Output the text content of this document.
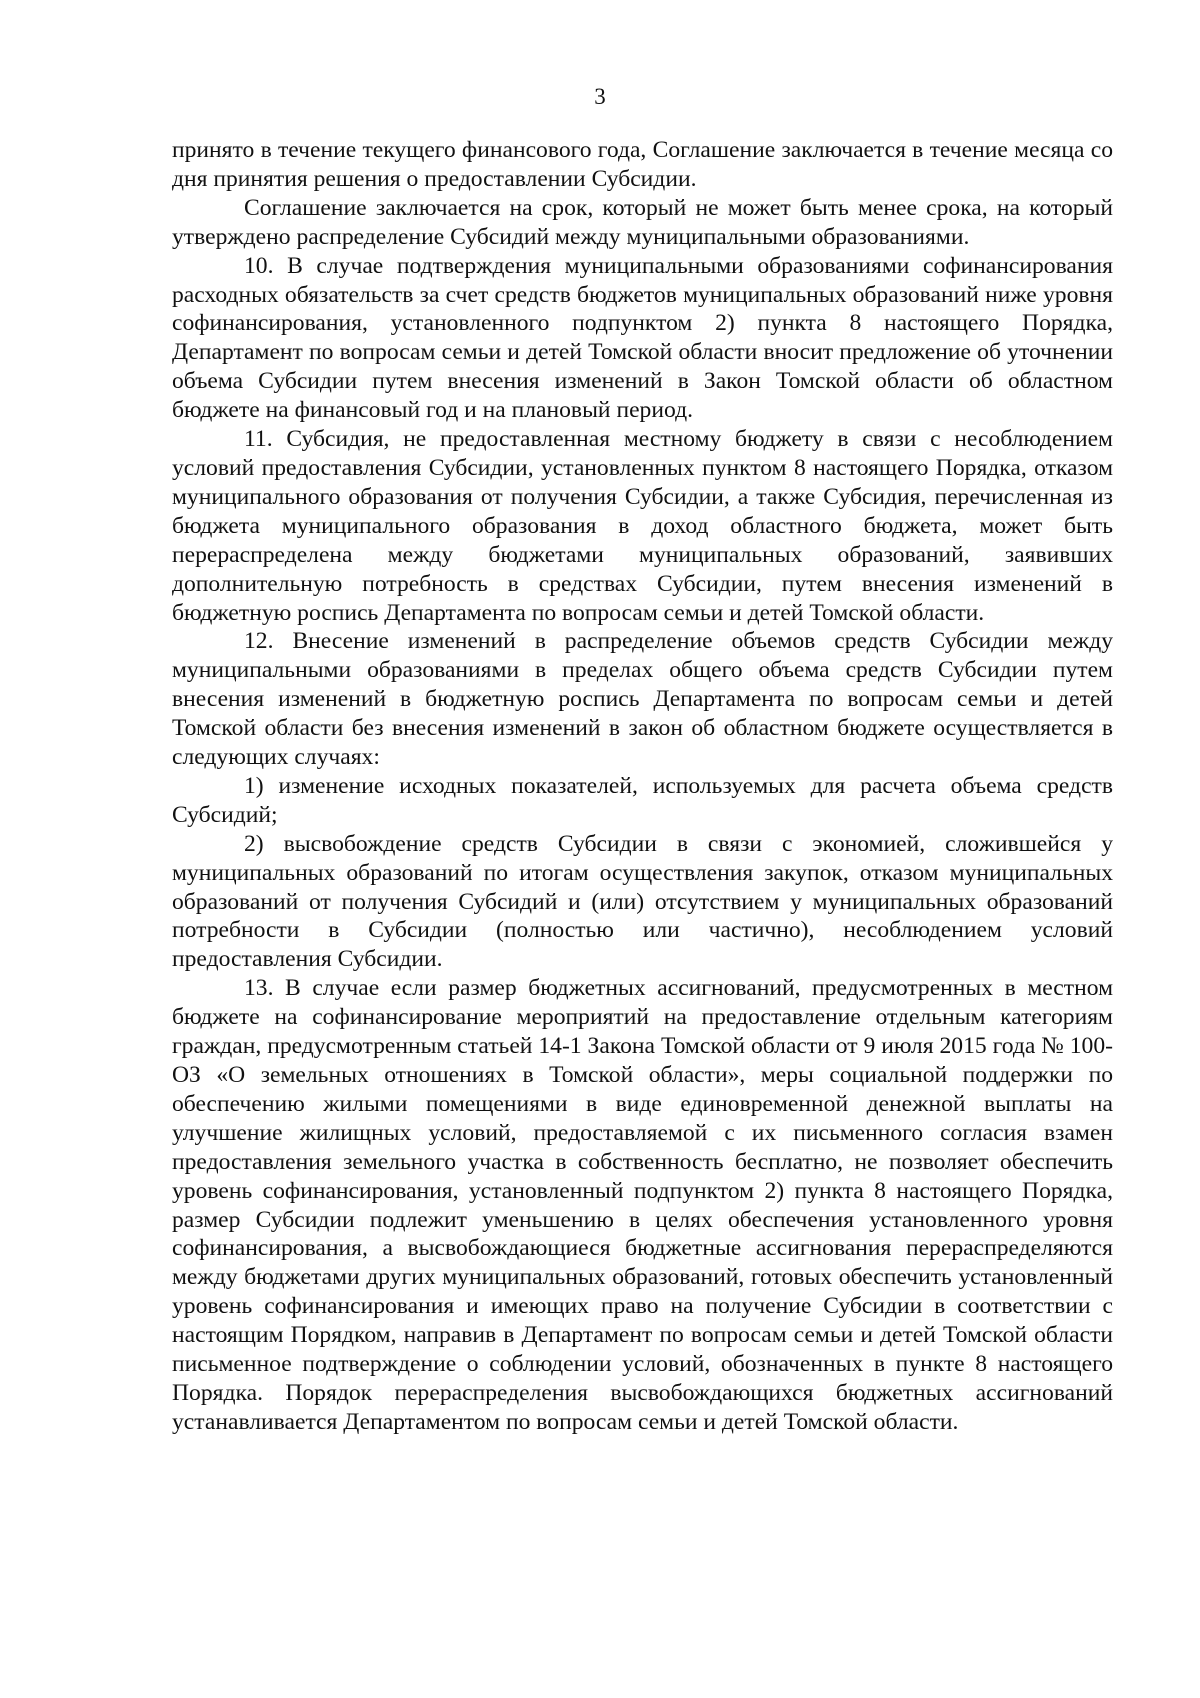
3

принято в течение текущего финансового года, Соглашение заключается в течение месяца со дня принятия решения о предоставлении Субсидии.

Соглашение заключается на срок, который не может быть менее срока, на который утверждено распределение Субсидий между муниципальными образованиями.

10. В случае подтверждения муниципальными образованиями софинансирования расходных обязательств за счет средств бюджетов муниципальных образований ниже уровня софинансирования, установленного подпунктом 2) пункта 8 настоящего Порядка, Департамент по вопросам семьи и детей Томской области вносит предложение об уточнении объема Субсидии путем внесения изменений в Закон Томской области об областном бюджете на финансовый год и на плановый период.

11. Субсидия, не предоставленная местному бюджету в связи с несоблюдением условий предоставления Субсидии, установленных пунктом 8 настоящего Порядка, отказом муниципального образования от получения Субсидии, а также Субсидия, перечисленная из бюджета муниципального образования в доход областного бюджета, может быть перераспределена между бюджетами муниципальных образований, заявивших дополнительную потребность в средствах Субсидии, путем внесения изменений в бюджетную роспись Департамента по вопросам семьи и детей Томской области.

12. Внесение изменений в распределение объемов средств Субсидии между муниципальными образованиями в пределах общего объема средств Субсидии путем внесения изменений в бюджетную роспись Департамента по вопросам семьи и детей Томской области без внесения изменений в закон об областном бюджете осуществляется в следующих случаях:

1) изменение исходных показателей, используемых для расчета объема средств Субсидий;

2) высвобождение средств Субсидии в связи с экономией, сложившейся у муниципальных образований по итогам осуществления закупок, отказом муниципальных образований от получения Субсидий и (или) отсутствием у муниципальных образований потребности в Субсидии (полностью или частично), несоблюдением условий предоставления Субсидии.

13. В случае если размер бюджетных ассигнований, предусмотренных в местном бюджете на софинансирование мероприятий на предоставление отдельным категориям граждан, предусмотренным статьей 14-1 Закона Томской области от 9 июля 2015 года № 100-ОЗ «О земельных отношениях в Томской области», меры социальной поддержки по обеспечению жилыми помещениями в виде единовременной денежной выплаты на улучшение жилищных условий, предоставляемой с их письменного согласия взамен предоставления земельного участка в собственность бесплатно, не позволяет обеспечить уровень софинансирования, установленный подпунктом 2) пункта 8 настоящего Порядка, размер Субсидии подлежит уменьшению в целях обеспечения установленного уровня софинансирования, а высвобождающиеся бюджетные ассигнования перераспределяются между бюджетами других муниципальных образований, готовых обеспечить установленный уровень софинансирования и имеющих право на получение Субсидии в соответствии с настоящим Порядком, направив в Департамент по вопросам семьи и детей Томской области письменное подтверждение о соблюдении условий, обозначенных в пункте 8 настоящего Порядка. Порядок перераспределения высвобождающихся бюджетных ассигнований устанавливается Департаментом по вопросам семьи и детей Томской области.
